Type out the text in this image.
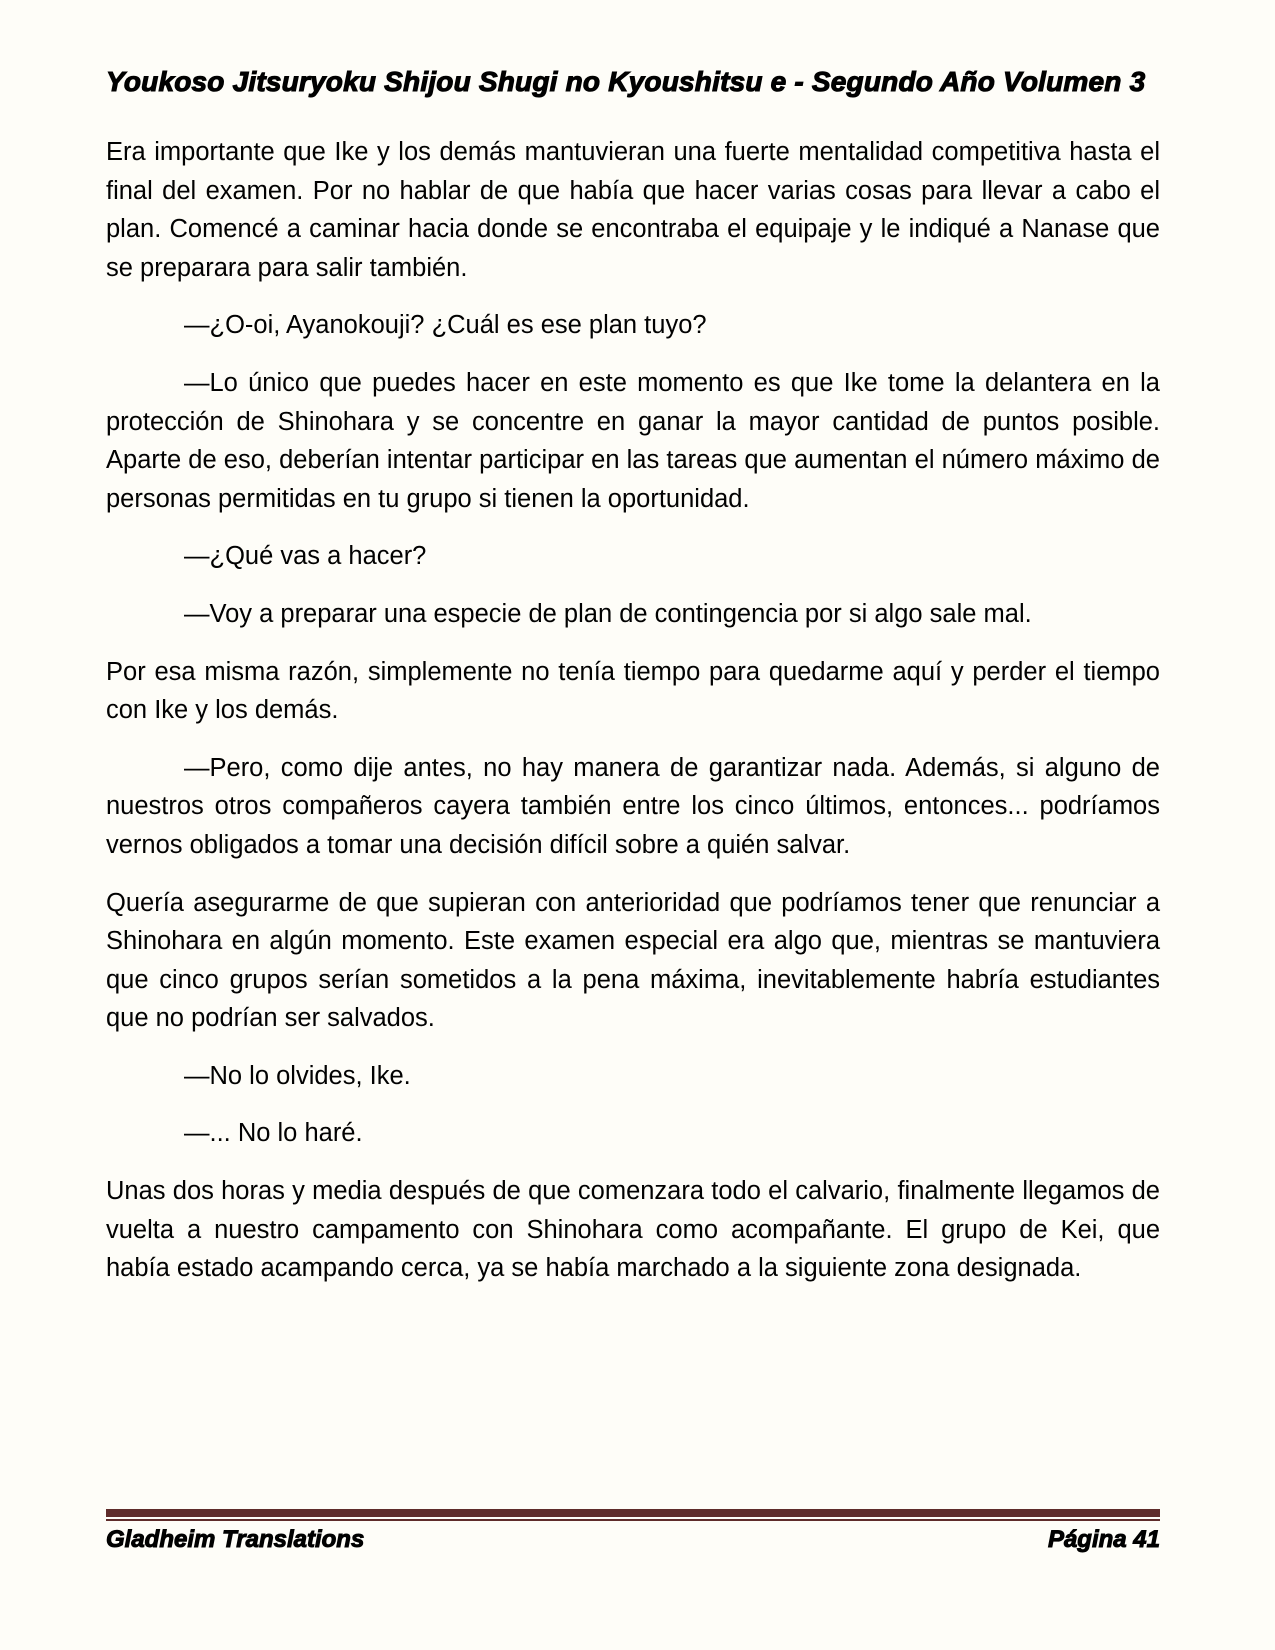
Youkoso Jitsuryoku Shijou Shugi no Kyoushitsu e - Segundo Año Volumen 3

Era importante que Ike y los demás mantuvieran una fuerte mentalidad competitiva hasta el final del examen. Por no hablar de que había que hacer varias cosas para llevar a cabo el plan. Comencé a caminar hacia donde se encontraba el equipaje y le indiqué a Nanase que se preparara para salir también.

—¿O-oi, Ayanokouji? ¿Cuál es ese plan tuyo?

—Lo único que puedes hacer en este momento es que Ike tome la delantera en la protección de Shinohara y se concentre en ganar la mayor cantidad de puntos posible. Aparte de eso, deberían intentar participar en las tareas que aumentan el número máximo de personas permitidas en tu grupo si tienen la oportunidad.

—¿Qué vas a hacer?

—Voy a preparar una especie de plan de contingencia por si algo sale mal.

Por esa misma razón, simplemente no tenía tiempo para quedarme aquí y perder el tiempo con Ike y los demás.

—Pero, como dije antes, no hay manera de garantizar nada. Además, si alguno de nuestros otros compañeros cayera también entre los cinco últimos, entonces... podríamos vernos obligados a tomar una decisión difícil sobre a quién salvar.

Quería asegurarme de que supieran con anterioridad que podríamos tener que renunciar a Shinohara en algún momento. Este examen especial era algo que, mientras se mantuviera que cinco grupos serían sometidos a la pena máxima, inevitablemente habría estudiantes que no podrían ser salvados.

—No lo olvides, Ike.

—... No lo haré.

Unas dos horas y media después de que comenzara todo el calvario, finalmente llegamos de vuelta a nuestro campamento con Shinohara como acompañante. El grupo de Kei, que había estado acampando cerca, ya se había marchado a la siguiente zona designada.

Gladheim Translations	Página 41
